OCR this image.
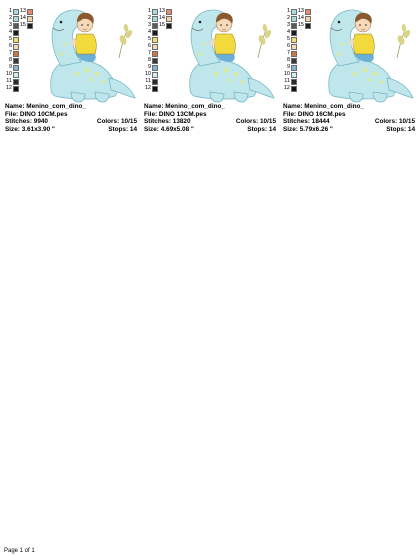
1 13
2 14
3 15
4
5
6
7
8
9
10
11
12
Name: Menino_com_dino_
File: DINO 10CM.pes
Stitches: 9940	Colors: 10/15
Size: 3.61x3.90 "	Stops: 14
1 13
2 14
3 15
4
5
6
7
8
9
10
11
12
Name: Menino_com_dino_
File: DINO 13CM.pes
Stitches: 13820	Colors: 10/15
Size: 4.69x5.08 "	Stops: 14
1 13
2 14
3 15
4
5
6
7
8
9
10
11
12
Name: Menino_com_dino_
File: DINO 16CM.pes
Stitches: 18444	Colors: 10/15
Size: 5.79x6.26 "	Stops: 14
Page 1 of 1
